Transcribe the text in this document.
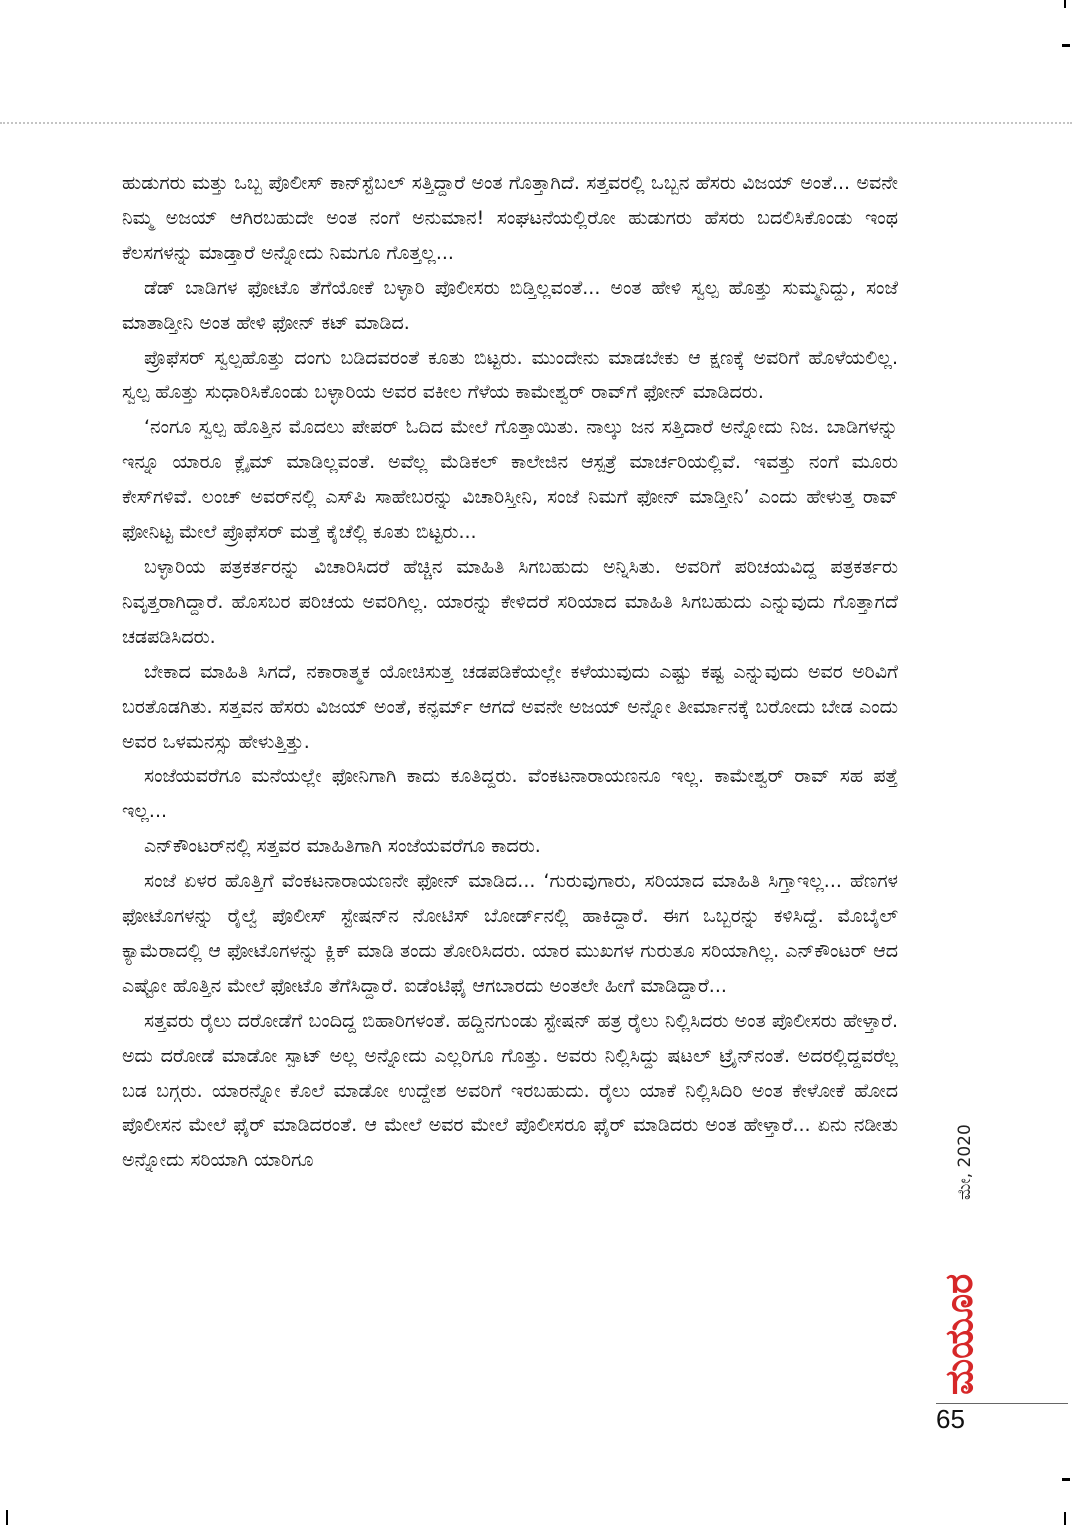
ಹುಡುಗರು ಮತ್ತು ಒಬ್ಬ ಪೊಲೀಸ್ ಕಾನ್‌ಸ್ಟೆಬಲ್ ಸತ್ತಿದ್ದಾರೆ ಅಂತ ಗೊತ್ತಾಗಿದೆ. ಸತ್ತವರಲ್ಲಿ ಒಬ್ಬನ ಹೆಸರು ವಿಜಯ್ ಅಂತೆ... ಅವನೇ ನಿಮ್ಮ ಅಜಯ್ ಆಗಿರಬಹುದೇ ಅಂತ ನಂಗೆ ಅನುಮಾನ! ಸಂಘಟನೆಯಲ್ಲಿರೋ ಹುಡುಗರು ಹೆಸರು ಬದಲಿಸಿಕೊಂಡು ಇಂಥ ಕೆಲಸಗಳನ್ನು ಮಾಡ್ತಾರೆ ಅನ್ನೋದು ನಿಮಗೂ ಗೊತ್ತಲ್ಲ...

ಡೆಡ್ ಬಾಡಿಗಳ ಫೋಟೊ ತೆಗೆಯೋಕೆ ಬಳ್ಳಾರಿ ಪೊಲೀಸರು ಬಿಡ್ತಿಲ್ಲವಂತೆ... ಅಂತ ಹೇಳಿ ಸ್ವಲ್ಪ ಹೊತ್ತು ಸುಮ್ಮನಿದ್ದು, ಸಂಜೆ ಮಾತಾಡ್ತೀನಿ ಅಂತ ಹೇಳಿ ಫೋನ್ ಕಟ್ ಮಾಡಿದ.

ಪ್ರೊಫೆಸರ್ ಸ್ವಲ್ಪಹೊತ್ತು ದಂಗು ಬಡಿದವರಂತೆ ಕೂತು ಬಿಟ್ಟರು. ಮುಂದೇನು ಮಾಡಬೇಕು ಆ ಕ್ಷಣಕ್ಕೆ ಅವರಿಗೆ ಹೊಳೆಯಲಿಲ್ಲ. ಸ್ವಲ್ಪ ಹೊತ್ತು ಸುಧಾರಿಸಿಕೊಂಡು ಬಳ್ಳಾರಿಯ ಅವರ ವಕೀಲ ಗೆಳೆಯ ಕಾಮೇಶ್ವರ್ ರಾವ್‌ಗೆ ಫೋನ್ ಮಾಡಿದರು.

‘ನಂಗೂ ಸ್ವಲ್ಪ ಹೊತ್ತಿನ ಮೊದಲು ಪೇಪರ್ ಓದಿದ ಮೇಲೆ ಗೊತ್ತಾಯಿತು. ನಾಲ್ಕು ಜನ ಸತ್ತಿದಾರೆ ಅನ್ನೋದು ನಿಜ. ಬಾಡಿಗಳನ್ನು ಇನ್ನೂ ಯಾರೂ ಕ್ಲೈಮ್ ಮಾಡಿಲ್ಲವಂತೆ. ಅವೆಲ್ಲ ಮೆಡಿಕಲ್ ಕಾಲೇಜಿನ ಆಸ್ಪತ್ರೆ ಮಾರ್ಚರಿಯಲ್ಲಿವೆ. ಇವತ್ತು ನಂಗೆ ಮೂರು ಕೇಸ್‌ಗಳಿವೆ. ಲಂಚ್ ಅವರ್‌ನಲ್ಲಿ ಎಸ್‌ಪಿ ಸಾಹೇಬರನ್ನು ವಿಚಾರಿಸ್ತೀನಿ, ಸಂಜೆ ನಿಮಗೆ ಫೋನ್ ಮಾಡ್ತೀನಿ’ ಎಂದು ಹೇಳುತ್ತ ರಾವ್ ಫೋನಿಟ್ಟ ಮೇಲೆ ಪ್ರೊಫೆಸರ್ ಮತ್ತೆ ಕೈಚೆಲ್ಲಿ ಕೂತು ಬಿಟ್ಟರು...

ಬಳ್ಳಾರಿಯ ಪತ್ರಕರ್ತರನ್ನು ವಿಚಾರಿಸಿದರೆ ಹೆಚ್ಚಿನ ಮಾಹಿತಿ ಸಿಗಬಹುದು ಅನ್ನಿಸಿತು. ಅವರಿಗೆ ಪರಿಚಯವಿದ್ದ ಪತ್ರಕರ್ತರು ನಿವೃತ್ತರಾಗಿದ್ದಾರೆ. ಹೊಸಬರ ಪರಿಚಯ ಅವರಿಗಿಲ್ಲ. ಯಾರನ್ನು ಕೇಳಿದರೆ ಸರಿಯಾದ ಮಾಹಿತಿ ಸಿಗಬಹುದು ಎನ್ನುವುದು ಗೊತ್ತಾಗದೆ ಚಡಪಡಿಸಿದರು.

ಬೇಕಾದ ಮಾಹಿತಿ ಸಿಗದೆ, ನಕಾರಾತ್ಮಕ ಯೋಚಿಸುತ್ತ ಚಡಪಡಿಕೆಯಲ್ಲೇ ಕಳೆಯುವುದು ಎಷ್ಟು ಕಷ್ಟ ಎನ್ನುವುದು ಅವರ ಅರಿವಿಗೆ ಬರತೊಡಗಿತು. ಸತ್ತವನ ಹೆಸರು ವಿಜಯ್ ಅಂತೆ, ಕನ್ಫರ್ಮ್ ಆಗದೆ ಅವನೇ ಅಜಯ್ ಅನ್ನೋ ತೀರ್ಮಾನಕ್ಕೆ ಬರೋದು ಬೇಡ ಎಂದು ಅವರ ಒಳಮನಸ್ಸು ಹೇಳುತ್ತಿತ್ತು.

ಸಂಜೆಯವರೆಗೂ ಮನೆಯಲ್ಲೇ ಫೋನಿಗಾಗಿ ಕಾದು ಕೂತಿದ್ದರು. ವೆಂಕಟನಾರಾಯಣನೂ ಇಲ್ಲ. ಕಾಮೇಶ್ವರ್ ರಾವ್ ಸಹ ಪತ್ತೆ ಇಲ್ಲ...

ಎನ್‌ಕೌಂಟರ್‌ನಲ್ಲಿ ಸತ್ತವರ ಮಾಹಿತಿಗಾಗಿ ಸಂಜೆಯವರೆಗೂ ಕಾದರು.

ಸಂಜೆ ಏಳರ ಹೊತ್ತಿಗೆ ವೆಂಕಟನಾರಾಯಣನೇ ಫೋನ್ ಮಾಡಿದ... ‘ಗುರುವುಗಾರು, ಸರಿಯಾದ ಮಾಹಿತಿ ಸಿಗ್ತಾಇಲ್ಲ... ಹೆಣಗಳ ಫೋಟೊಗಳನ್ನು ರೈಲ್ವೆ ಪೊಲೀಸ್ ಸ್ಟೇಷನ್‌ನ ನೋಟಿಸ್ ಬೋರ್ಡ್‌ನಲ್ಲಿ ಹಾಕಿದ್ದಾರೆ. ಈಗ ಒಬ್ಬರನ್ನು ಕಳಿಸಿದ್ದೆ. ಮೊಬೈಲ್ ಕ್ಯಾಮೆರಾದಲ್ಲಿ ಆ ಫೋಟೊಗಳನ್ನು ಕ್ಲಿಕ್ ಮಾಡಿ ತಂದು ತೋರಿಸಿದರು. ಯಾರ ಮುಖಗಳ ಗುರುತೂ ಸರಿಯಾಗಿಲ್ಲ. ಎನ್‌ಕೌಂಟರ್ ಆದ ಎಷ್ಟೋ ಹೊತ್ತಿನ ಮೇಲೆ ಫೋಟೊ ತೆಗೆಸಿದ್ದಾರೆ. ಐಡೆಂಟಿಫೈ ಆಗಬಾರದು ಅಂತಲೇ ಹೀಗೆ ಮಾಡಿದ್ದಾರೆ...

ಸತ್ತವರು ರೈಲು ದರೋಡೆಗೆ ಬಂದಿದ್ದ ಬಿಹಾರಿಗಳಂತೆ. ಹದ್ದಿನಗುಂಡು ಸ್ಟೇಷನ್ ಹತ್ರ ರೈಲು ನಿಲ್ಲಿಸಿದರು ಅಂತ ಪೊಲೀಸರು ಹೇಳ್ತಾರೆ. ಅದು ದರೋಡೆ ಮಾಡೋ ಸ್ಪಾಟ್ ಅಲ್ಲ ಅನ್ನೋದು ಎಲ್ಲರಿಗೂ ಗೊತ್ತು. ಅವರು ನಿಲ್ಲಿಸಿದ್ದು ಷಟಲ್ ಟ್ರೈನ್‌ನಂತೆ. ಅದರಲ್ಲಿದ್ದವರೆಲ್ಲ ಬಡ ಬಗ್ಗರು. ಯಾರನ್ನೋ ಕೊಲೆ ಮಾಡೋ ಉದ್ದೇಶ ಅವರಿಗೆ ಇರಬಹುದು. ರೈಲು ಯಾಕೆ ನಿಲ್ಲಿಸಿದಿರಿ ಅಂತ ಕೇಳೋಕೆ ಹೋದ ಪೊಲೀಸನ ಮೇಲೆ ಫೈರ್ ಮಾಡಿದರಂತೆ. ಆ ಮೇಲೆ ಅವರ ಮೇಲೆ ಪೊಲೀಸರೂ ಫೈರ್ ಮಾಡಿದರು ಅಂತ ಹೇಳ್ತಾರೆ... ಏನು ನಡೀತು ಅನ್ನೋದು ಸರಿಯಾಗಿ ಯಾರಿಗೂ	ಮೇ, 2020
ಮಯೂರ
65
